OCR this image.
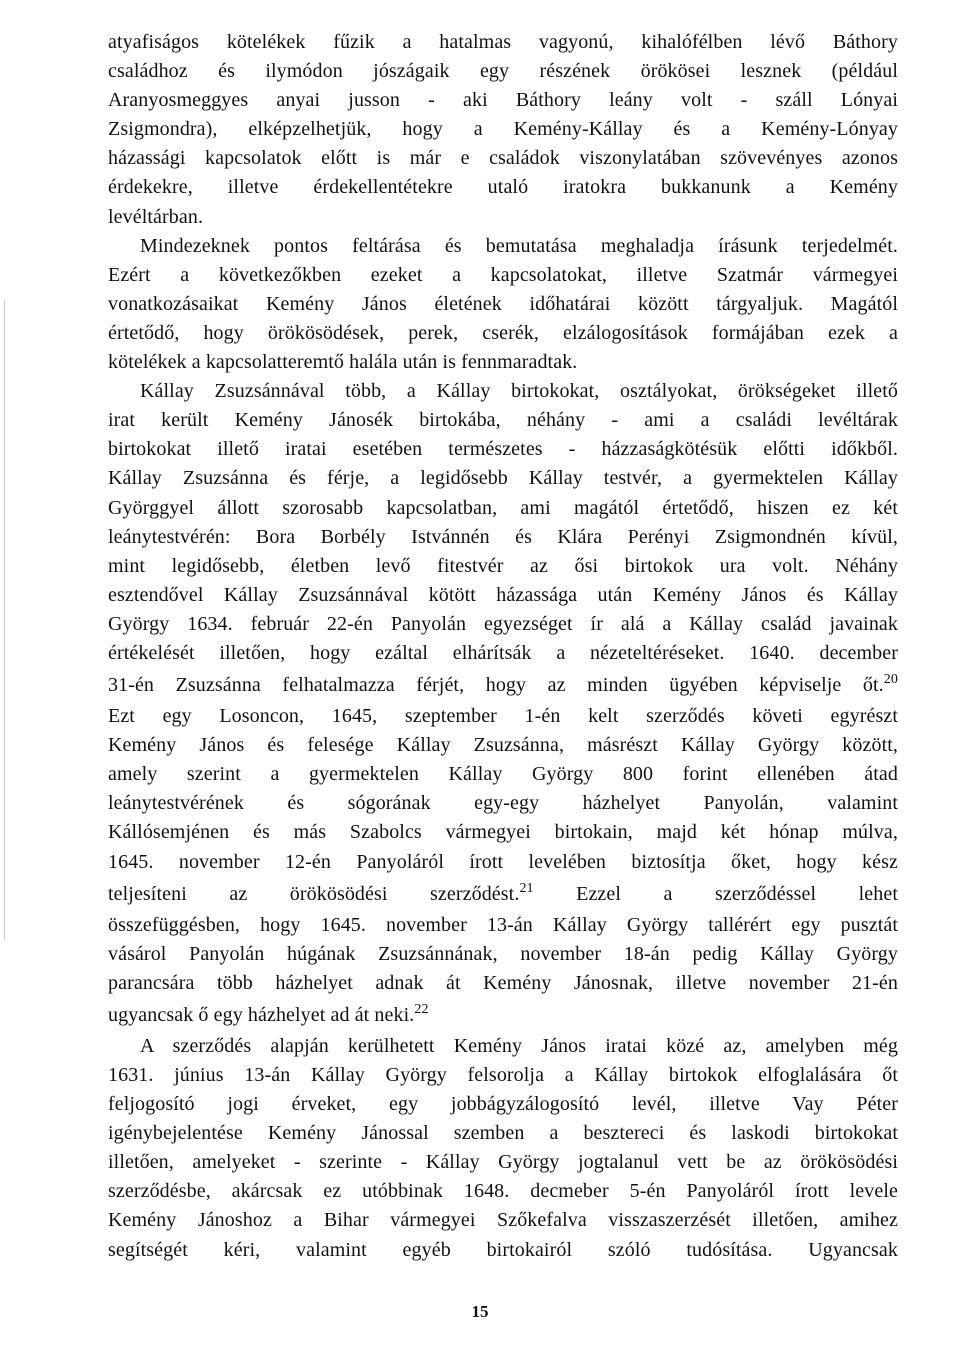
atyafiságos kötelékek fűzik a hatalmas vagyonú, kihalófélben lévő Báthory
családhoz és ilymódon jószágaik egy részének örökösei lesznek (például
Aranyosmeggyes anyai jusson - aki Báthory leány volt - száll Lónyai
Zsigmondra), elképzelhetjük, hogy a Kemény-Kállay és a Kemény-Lónyay
házassági kapcsolatok előtt is már e családok viszonylatában szövevényes azonos
érdekekre, illetve érdekellentétekre utaló iratokra bukkanunk a Kemény
levéltárban.

Mindezeknek pontos feltárása és bemutatása meghaladja írásunk terjedelmét.
Ezért a következőkben ezeket a kapcsolatokat, illetve Szatmár vármegyei
vonatkozásaikat Kemény János életének időhatárai között tárgyaljuk. Magától
értetődő, hogy örökösödések, perek, cserék, elzálogosítások formájában ezek a
kötelékek a kapcsolatteremtő halála után is fennmaradtak.

Kállay Zsuzsánnával több, a Kállay birtokokat, osztályokat, örökségeket illető
irat került Kemény Jánosék birtokába, néhány - ami a családi levéltárak
birtokokat illető iratai esetében természetes - házzaságkötésük előtti időkből.
Kállay Zsuzsánna és férje, a legidősebb Kállay testvér, a gyermektelen Kállay
Györggyel állott szorosabb kapcsolatban, ami magától értetődő, hiszen ez két
leánytestvérén: Bora Borbély Istvánnén és Klára Perényi Zsigmondnén kívül,
mint legidősebb, életben levő fitestvér az ősi birtokok ura volt. Néhány
esztendővel Kállay Zsuzsánnával kötött házassága után Kemény János és Kállay
György 1634. február 22-én Panyolán egyezséget ír alá a Kállay család javainak
értékelését illetően, hogy ezáltal elhárítsák a nézeteltéréseket. 1640. december
31-én Zsuzsánna felhatalmazza férjét, hogy az minden ügyében képviselje őt.$^{20}$
Ezt egy Losoncon, 1645, szeptember 1-én kelt szerződés követi egyrészt
Kemény János és felesége Kállay Zsuzsánna, másrészt Kállay György között,
amely szerint a gyermektelen Kállay György 800 forint ellenében átad
leánytestvérének és sógorának egy-egy házhelyet Panyolán, valamint
Kállósemjénen és más Szabolcs vármegyei birtokain, majd két hónap múlva,
1645. november 12-én Panyoláról írott levelében biztosítja őket, hogy kész
teljesíteni az örökösödési szerződést.$^{21}$ Ezzel a szerződéssel lehet
összefüggésben, hogy 1645. november 13-án Kállay György tallérért egy pusztát
vásárol Panyolán húgának Zsuzsánnának, november 18-án pedig Kállay György
parancsára több házhelyet adnak át Kemény Jánosnak, illetve november 21-én
ugyancsak ő egy házhelyet ad át neki.$^{22}$

A szerződés alapján kerülhetett Kemény János iratai közé az, amelyben még
1631. június 13-án Kállay György felsorolja a Kállay birtokok elfoglalására őt
feljogosító jogi érveket, egy jobbágyzálogosító levél, illetve Vay Péter
igénybejelentése Kemény Jánossal szemben a besztereci és laskodi birtokokat
illetően, amelyeket - szerinte - Kállay György jogtalanul vett be az örökösödési
szerződésbe, akárcsak ez utóbbinak 1648. decmeber 5-én Panyoláról írott levele
Kemény Jánoshoz a Bihar vármegyei Szőkefalva visszaszerzését illetően, amihez
segítségét kéri, valamint egyéb birtokairól szóló tudósítása. Ugyancsak

15
